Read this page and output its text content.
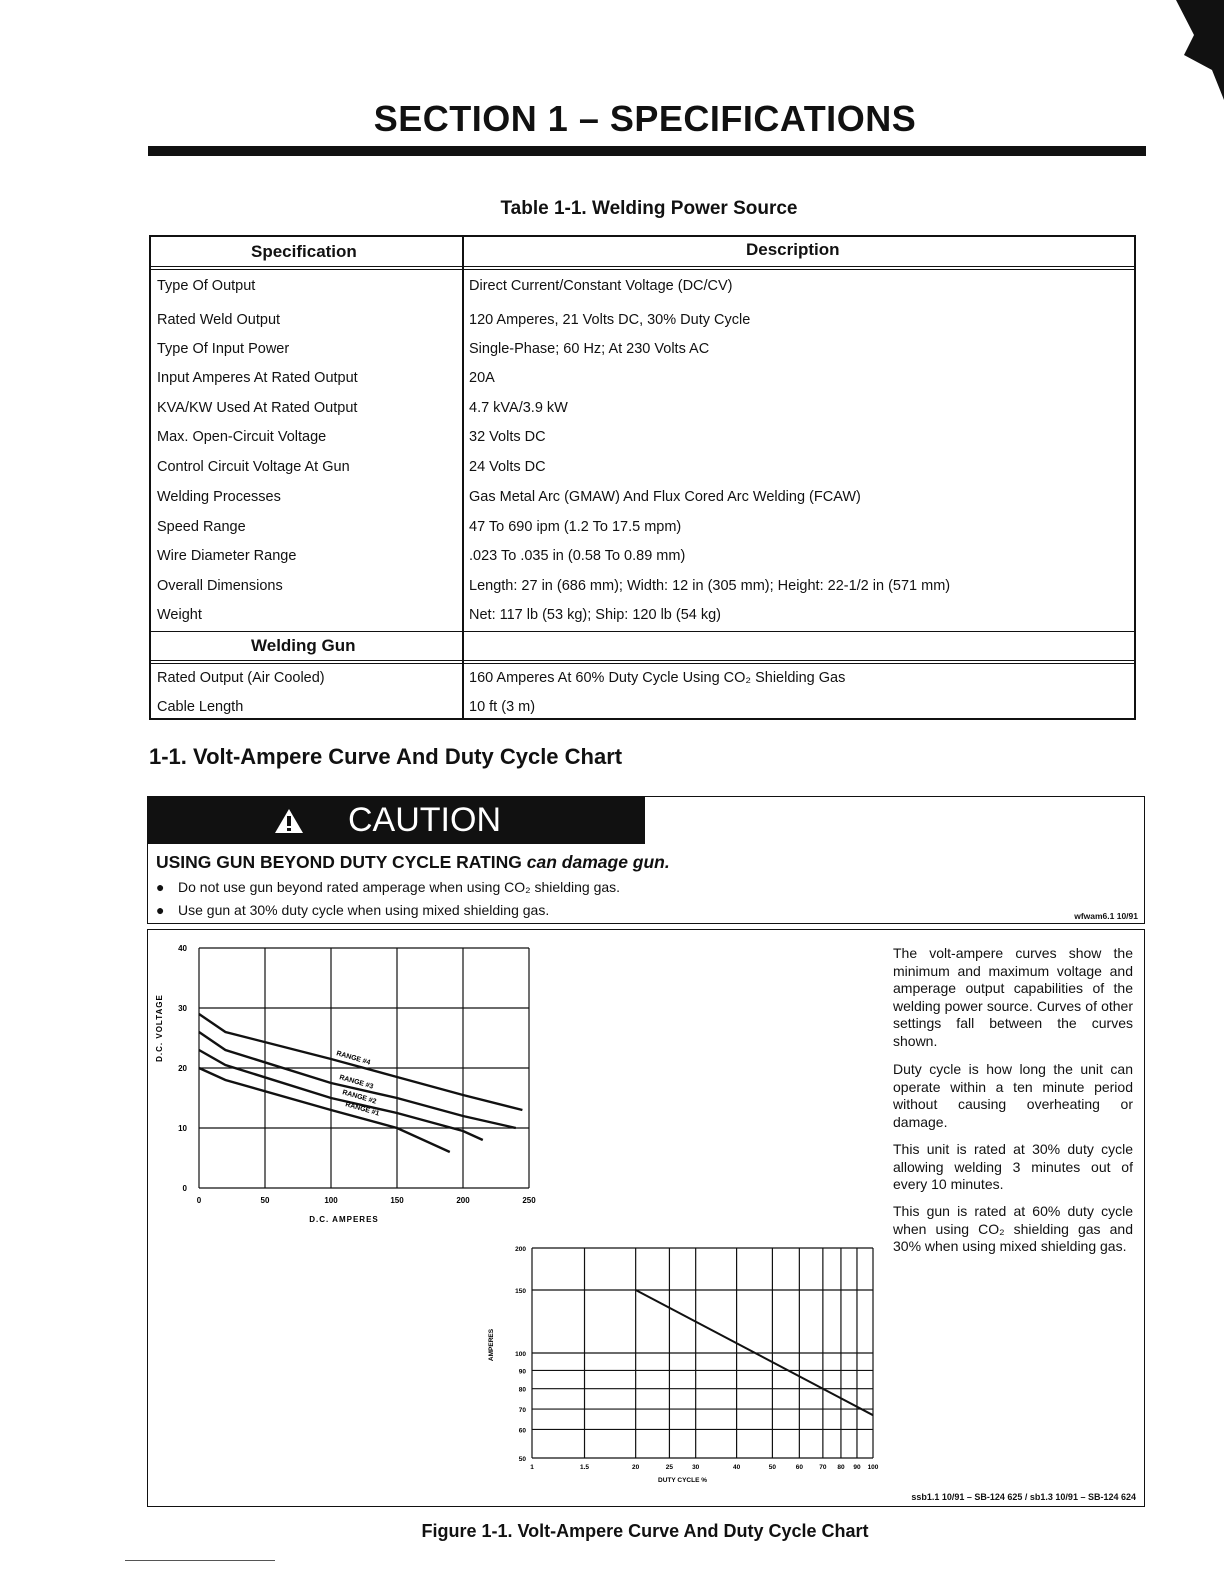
SECTION 1 – SPECIFICATIONS
Table 1-1. Welding Power Source
Specification	Description
Type Of Output	Direct Current/Constant Voltage (DC/CV)
Rated Weld Output	120 Amperes, 21 Volts DC, 30% Duty Cycle
Type Of Input Power	Single-Phase; 60 Hz; At 230 Volts AC
Input Amperes At Rated Output	20A
KVA/KW Used At Rated Output	4.7 kVA/3.9 kW
Max. Open-Circuit Voltage	32 Volts DC
Control Circuit Voltage At Gun	24 Volts DC
Welding Processes	Gas Metal Arc (GMAW) And Flux Cored Arc Welding (FCAW)
Speed Range	47 To 690 ipm (1.2 To 17.5 mpm)
Wire Diameter Range	.023 To .035 in (0.58 To 0.89 mm)
Overall Dimensions	Length: 27 in (686 mm); Width: 12 in (305 mm); Height: 22-1/2 in (571 mm)
Weight	Net: 117 lb (53 kg); Ship: 120 lb (54 kg)
Welding Gun
Rated Output (Air Cooled)	160 Amperes At 60% Duty Cycle Using CO₂ Shielding Gas
Cable Length	10 ft (3 m)
1-1. Volt-Ampere Curve And Duty Cycle Chart
CAUTION
USING GUN BEYOND DUTY CYCLE RATING can damage gun.
● Do not use gun beyond rated amperage when using CO₂ shielding gas.
● Use gun at 30% duty cycle when using mixed shielding gas.	wfwam6.1 10/91
0	50	100	150	200	250
0
10
20
30
40
D.C. AMPERES
D.C. VOLTAGE	RANGE #4
RANGE #3
RANGE #2
RANGE #1
1	1.5	20	25	30	40	50	60	70 80 90 100
50
60
70
80
90
100
150
200
DUTY CYCLE %
AMPERES
The volt-ampere curves show the minimum and maximum voltage and amperage output capabilities of the welding power source. Curves of other settings fall between the curves shown.
Duty cycle is how long the unit can operate within a ten minute period without causing overheating or damage.
This unit is rated at 30% duty cycle allowing welding 3 minutes out of every 10 minutes.
This gun is rated at 60% duty cycle when using CO₂ shielding gas and 30% when using mixed shielding gas.
ssb1.1 10/91 – SB-124 625 / sb1.3 10/91 – SB-124 624
Figure 1-1. Volt-Ampere Curve And Duty Cycle Chart
